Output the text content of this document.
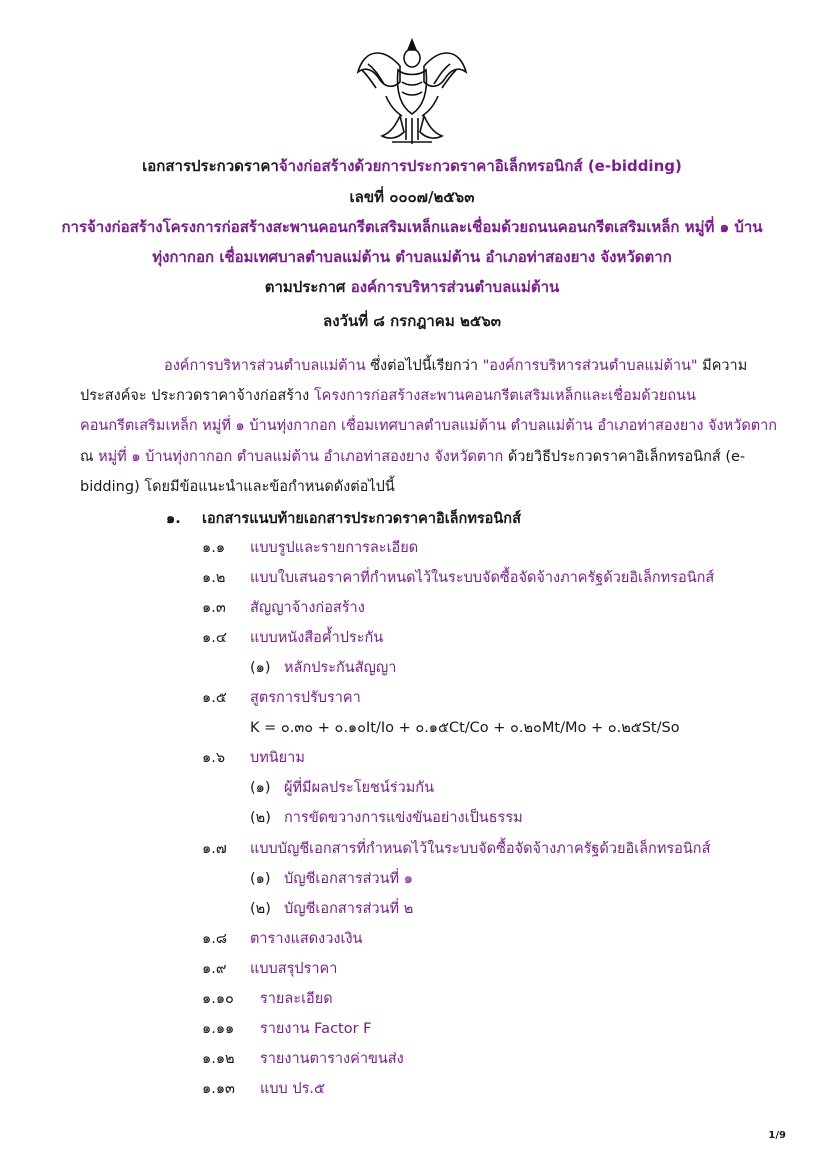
เอกสารประกวดราคาจ้างก่อสร้างด้วยการประกวดราคาอิเล็กทรอนิกส์ (e-bidding)
เลขที่ ๐๐๐๗/๒๕๖๓
การจ้างก่อสร้างโครงการก่อสร้างสะพานคอนกรีตเสริมเหล็กและเชื่อมด้วยถนนคอนกรีตเสริมเหล็ก หมู่ที่ ๑ บ้าน
ทุ่งกากอก เชื่อมเทศบาลตำบลแม่ต้าน ตำบลแม่ต้าน อำเภอท่าสองยาง จังหวัดตาก
ตามประกาศ องค์การบริหารส่วนตำบลแม่ต้าน
ลงวันที่ ๘ กรกฎาคม ๒๕๖๓
องค์การบริหารส่วนตำบลแม่ต้าน ซึ่งต่อไปนี้เรียกว่า "องค์การบริหารส่วนตำบลแม่ต้าน" มีความ
ประสงค์จะ ประกวดราคาจ้างก่อสร้าง โครงการก่อสร้างสะพานคอนกรีตเสริมเหล็กและเชื่อมด้วยถนน
คอนกรีตเสริมเหล็ก หมู่ที่ ๑ บ้านทุ่งกากอก เชื่อมเทศบาลตำบลแม่ต้าน ตำบลแม่ต้าน อำเภอท่าสองยาง จังหวัดตาก
ณ หมู่ที่ ๑ บ้านทุ่งกากอก ตำบลแม่ต้าน อำเภอท่าสองยาง จังหวัดตาก ด้วยวิธีประกวดราคาอิเล็กทรอนิกส์ (e-
bidding) โดยมีข้อแนะนำและข้อกำหนดดังต่อไปนี้
๑. เอกสารแนบท้ายเอกสารประกวดราคาอิเล็กทรอนิกส์
๑.๑ แบบรูปและรายการละเอียด
๑.๒ แบบใบเสนอราคาที่กำหนดไว้ในระบบจัดซื้อจัดจ้างภาครัฐด้วยอิเล็กทรอนิกส์
๑.๓ สัญญาจ้างก่อสร้าง
๑.๔ แบบหนังสือค้ำประกัน
(๑) หลักประกันสัญญา
๑.๕ สูตรการปรับราคา
K = ๐.๓๐ + ๐.๑๐It/Io + ๐.๑๕Ct/Co + ๐.๒๐Mt/Mo + ๐.๒๕St/So
๑.๖ บทนิยาม
(๑) ผู้ที่มีผลประโยชน์ร่วมกัน
(๒) การขัดขวางการแข่งขันอย่างเป็นธรรม
๑.๗ แบบบัญชีเอกสารที่กำหนดไว้ในระบบจัดซื้อจัดจ้างภาครัฐด้วยอิเล็กทรอนิกส์
(๑) บัญชีเอกสารส่วนที่ ๑
(๒) บัญชีเอกสารส่วนที่ ๒
๑.๘ ตารางแสดงวงเงิน
๑.๙ แบบสรุปราคา
๑.๑๐ รายละเอียด
๑.๑๑ รายงาน Factor F
๑.๑๒ รายงานตารางค่าขนส่ง
๑.๑๓ แบบ ปร.๕
1/9
